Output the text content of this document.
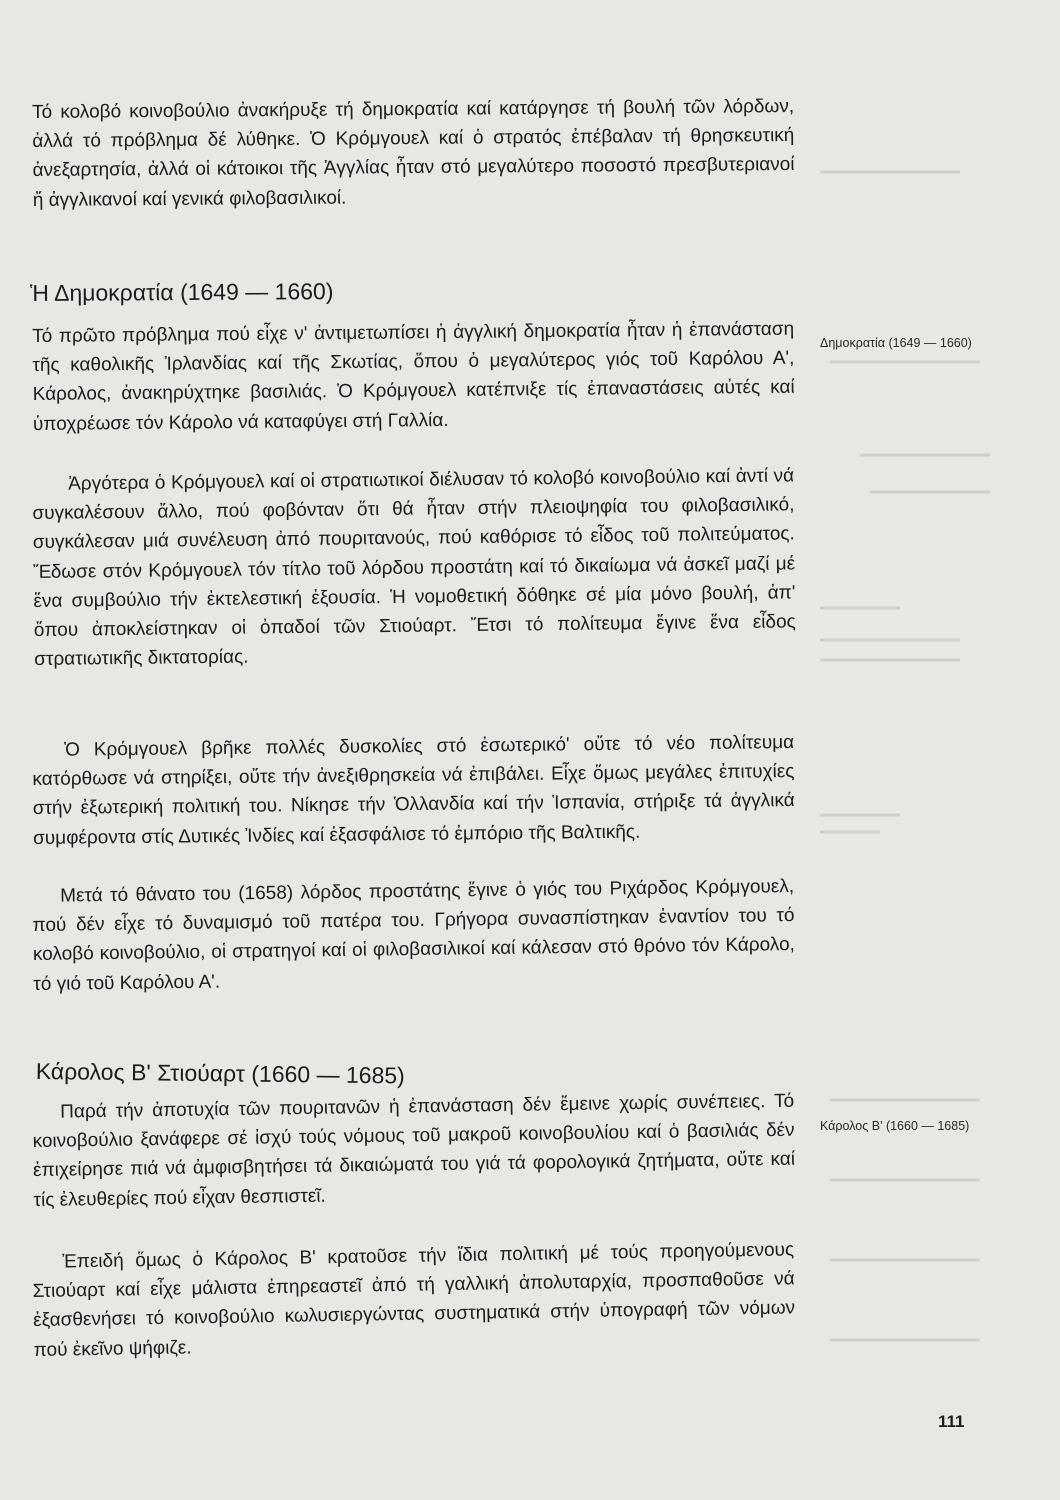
Τό κολοβό κοινοβούλιο ἀνακήρυξε τή δημοκρατία καί κατάργησε τή βουλή τῶν λόρδων, ἀλλά τό πρόβλημα δέ λύθηκε. Ὁ Κρόμγουελ καί ὁ στρατός ἐπέβαλαν τή θρησκευτική ἀνεξαρτησία, ἀλλά οἱ κάτοικοι τῆς Ἀγγλίας ἦταν στό μεγαλύτερο ποσοστό πρεσβυτεριανοί ἤ ἀγγλικανοί καί γενικά φιλοβασιλικοί.

Ἡ Δημοκρατία (1649 — 1660)

Τό πρῶτο πρόβλημα πού εἶχε ν' ἀντιμετωπίσει ἡ ἀγγλική δημοκρατία ἦταν ἡ ἐπανάσταση τῆς καθολικῆς Ἰρλανδίας καί τῆς Σκωτίας, ὅπου ὁ μεγαλύτερος γιός τοῦ Καρόλου Α', Κάρολος, ἀνακηρύχτηκε βασιλιάς. Ὁ Κρόμγουελ κατέπνιξε τίς ἐπαναστάσεις αὐτές καί ὑποχρέωσε τόν Κάρολο νά καταφύγει στή Γαλλία.

Ἀργότερα ὁ Κρόμγουελ καί οἱ στρατιωτικοί διέλυσαν τό κολοβό κοινοβούλιο καί ἀντί νά συγκαλέσουν ἄλλο, πού φοβόνταν ὅτι θά ἦταν στήν πλειοψηφία του φιλοβασιλικό, συγκάλεσαν μιά συνέλευση ἀπό πουριτανούς, πού καθόρισε τό εἶδος τοῦ πολιτεύματος. Ἔδωσε στόν Κρόμγουελ τόν τίτλο τοῦ λόρδου προστάτη καί τό δικαίωμα νά ἀσκεῖ μαζί μέ ἕνα συμβούλιο τήν ἐκτελεστική ἐξουσία. Ἡ νομοθετική δόθηκε σέ μία μόνο βουλή, ἀπ' ὅπου ἀποκλείστηκαν οἱ ὀπαδοί τῶν Στιούαρτ. Ἔτσι τό πολίτευμα ἔγινε ἕνα εἶδος στρατιωτικῆς δικτατορίας.

Ὁ Κρόμγουελ βρῆκε πολλές δυσκολίες στό ἐσωτερικό' οὔτε τό νέο πολίτευμα κατόρθωσε νά στηρίξει, οὔτε τήν ἀνεξιθρησκεία νά ἐπιβάλει. Εἶχε ὅμως μεγάλες ἐπιτυχίες στήν ἐξωτερική πολιτική του. Νίκησε τήν Ὁλλανδία καί τήν Ἱσπανία, στήριξε τά ἀγγλικά συμφέροντα στίς Δυτικές Ἰνδίες καί ἐξασφάλισε τό ἐμπόριο τῆς Βαλτικῆς.

Μετά τό θάνατο του (1658) λόρδος προστάτης ἔγινε ὁ γιός του Ριχάρδος Κρόμγουελ, πού δέν εἶχε τό δυναμισμό τοῦ πατέρα του. Γρήγορα συνασπίστηκαν ἐναντίον του τό κολοβό κοινοβούλιο, οἱ στρατηγοί καί οἱ φιλοβασιλικοί καί κάλεσαν στό θρόνο τόν Κάρολο, τό γιό τοῦ Καρόλου Α'.

Κάρολος Β' Στιούαρτ (1660 — 1685)

Παρά τήν ἀποτυχία τῶν πουριτανῶν ἡ ἐπανάσταση δέν ἔμεινε χωρίς συνέπειες. Τό κοινοβούλιο ξανάφερε σέ ἰσχύ τούς νόμους τοῦ μακροῦ κοινοβουλίου καί ὁ βασιλιάς δέν ἐπιχείρησε πιά νά ἀμφισβητήσει τά δικαιώματά του γιά τά φορολογικά ζητήματα, οὔτε καί τίς ἐλευθερίες πού εἶχαν θεσπιστεῖ.

Ἐπειδή ὅμως ὁ Κάρολος Β' κρατοῦσε τήν ἴδια πολιτική μέ τούς προηγούμενους Στιούαρτ καί εἶχε μάλιστα ἐπηρεαστεῖ ἀπό τή γαλλική ἀπολυταρχία, προσπαθοῦσε νά ἐξασθενήσει τό κοινοβούλιο κωλυσιεργώντας συστηματικά στήν ὑπογραφή τῶν νόμων πού ἐκεῖνο ψήφιζε.

Δημοκρατία (1649 — 1660)

Κάρολος Β' (1660 — 1685)

111
